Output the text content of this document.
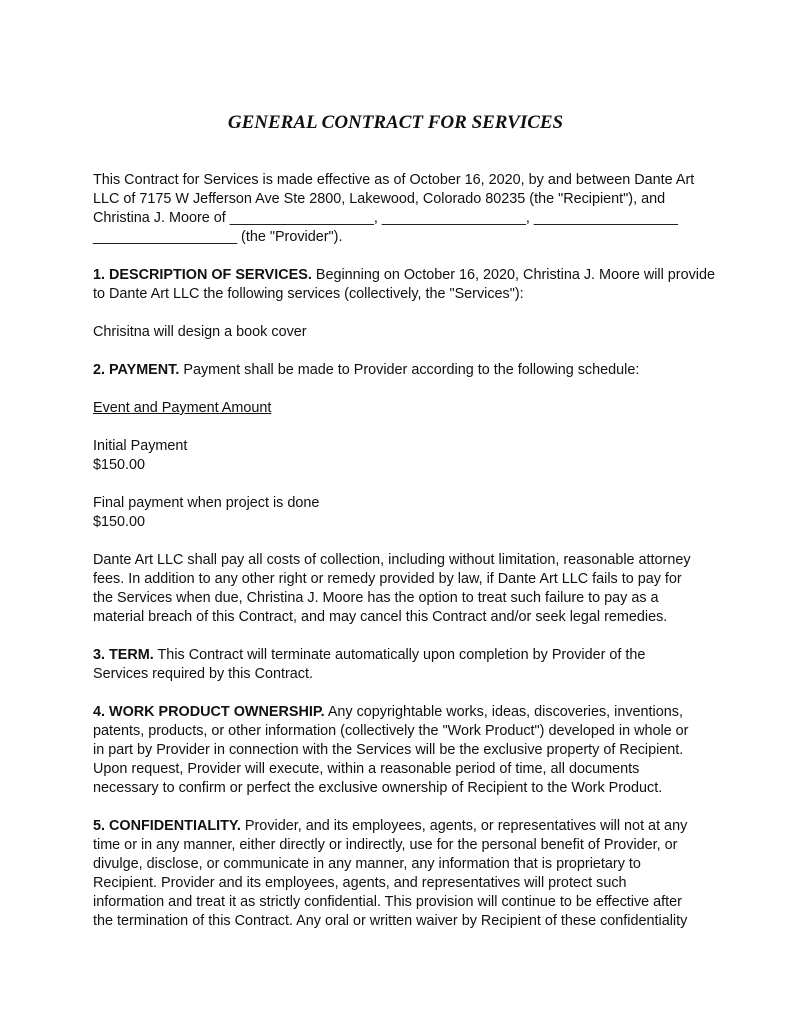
GENERAL CONTRACT FOR SERVICES
This Contract for Services is made effective as of October 16, 2020, by and between Dante Art
LLC of 7175 W Jefferson Ave Ste 2800, Lakewood, Colorado 80235 (the "Recipient"), and
Christina J. Moore of __________________, __________________, __________________
__________________ (the "Provider").
1. DESCRIPTION OF SERVICES. Beginning on October 16, 2020, Christina J. Moore will provide
to Dante Art LLC the following services (collectively, the "Services"):
Chrisitna will design a book cover
2. PAYMENT. Payment shall be made to Provider according to the following schedule:
Event and Payment Amount
Initial Payment
$150.00
Final payment when project is done
$150.00
Dante Art LLC shall pay all costs of collection, including without limitation, reasonable attorney
fees. In addition to any other right or remedy provided by law, if Dante Art LLC fails to pay for
the Services when due, Christina J. Moore has the option to treat such failure to pay as a
material breach of this Contract, and may cancel this Contract and/or seek legal remedies.
3. TERM. This Contract will terminate automatically upon completion by Provider of the
Services required by this Contract.
4. WORK PRODUCT OWNERSHIP. Any copyrightable works, ideas, discoveries, inventions,
patents, products, or other information (collectively the "Work Product") developed in whole or
in part by Provider in connection with the Services will be the exclusive property of Recipient.
Upon request, Provider will execute, within a reasonable period of time, all documents
necessary to confirm or perfect the exclusive ownership of Recipient to the Work Product.
5. CONFIDENTIALITY. Provider, and its employees, agents, or representatives will not at any
time or in any manner, either directly or indirectly, use for the personal benefit of Provider, or
divulge, disclose, or communicate in any manner, any information that is proprietary to
Recipient. Provider and its employees, agents, and representatives will protect such
information and treat it as strictly confidential. This provision will continue to be effective after
the termination of this Contract. Any oral or written waiver by Recipient of these confidentiality
